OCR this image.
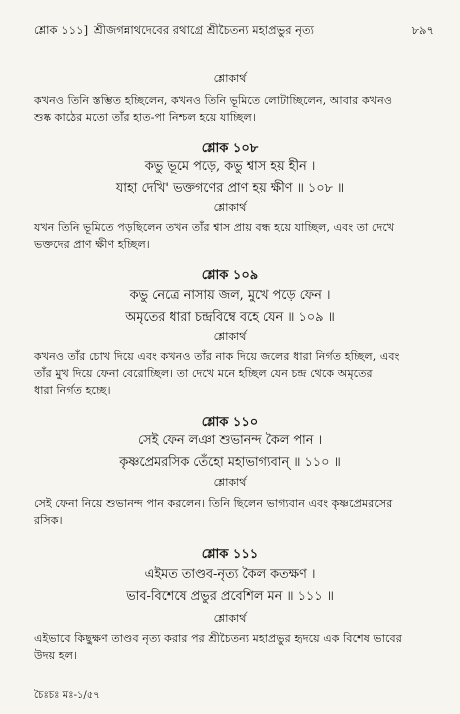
শ্লোক ১১১] শ্রীজগন্নাথদেবের রথাগ্রে শ্রীচৈতন্য মহাপ্রভুর নৃত্য	৮৯৭
শ্লোকার্থ
কখনও তিনি স্তম্ভিত হচ্ছিলেন, কখনও তিনি ভূমিতে লোটাচ্ছিলেন, আবার কখনও
শুষ্ক কাঠের মতো তাঁর হাত-পা নিশ্চল হয়ে যাচ্ছিল।
শ্লোক ১০৮
কভু ভূমে পড়ে, কভু শ্বাস হয় হীন ।
যাহা দেখি' ভক্তগণের প্রাণ হয় ক্ষীণ ॥ ১০৮ ॥
শ্লোকার্থ
যখন তিনি ভূমিতে পড়ছিলেন তখন তাঁর শ্বাস প্রায় বন্ধ হয়ে যাচ্ছিল, এবং তা দেখে
ভক্তদের প্রাণ ক্ষীণ হচ্ছিল।
শ্লোক ১০৯
কভু নেত্রে নাসায় জল, মুখে পড়ে ফেন ।
অমৃতের ধারা চন্দ্রবিম্বে বহে যেন ॥ ১০৯ ॥
শ্লোকার্থ
কখনও তাঁর চোখ দিয়ে এবং কখনও তাঁর নাক দিয়ে জলের ধারা নির্গত হচ্ছিল, এবং
তাঁর মুখ দিয়ে ফেনা বেরোচ্ছিল। তা দেখে মনে হচ্ছিল যেন চন্দ্র থেকে অমৃতের
ধারা নির্গত হচ্ছে।
শ্লোক ১১০
সেই ফেন লঞা শুভানন্দ কৈল পান ।
কৃষ্ণপ্রেমরসিক তেঁহো মহাভাগ্যবান্ ॥ ১১০ ॥
শ্লোকার্থ
সেই ফেনা নিয়ে শুভানন্দ পান করলেন। তিনি ছিলেন ভাগ্যবান এবং কৃষ্ণপ্রেমরসের
রসিক।
শ্লোক ১১১
এইমত তাণ্ডব-নৃত্য কৈল কতক্ষণ ।
ভাব-বিশেষে প্রভুর প্রবেশিল মন ॥ ১১১ ॥
শ্লোকার্থ
এইভাবে কিছুক্ষণ তাণ্ডব নৃত্য করার পর শ্রীচৈতন্য মহাপ্রভুর হৃদয়ে এক বিশেষ ভাবের
উদয় হল।
চৈঃচঃ মঃ-১/৫৭
